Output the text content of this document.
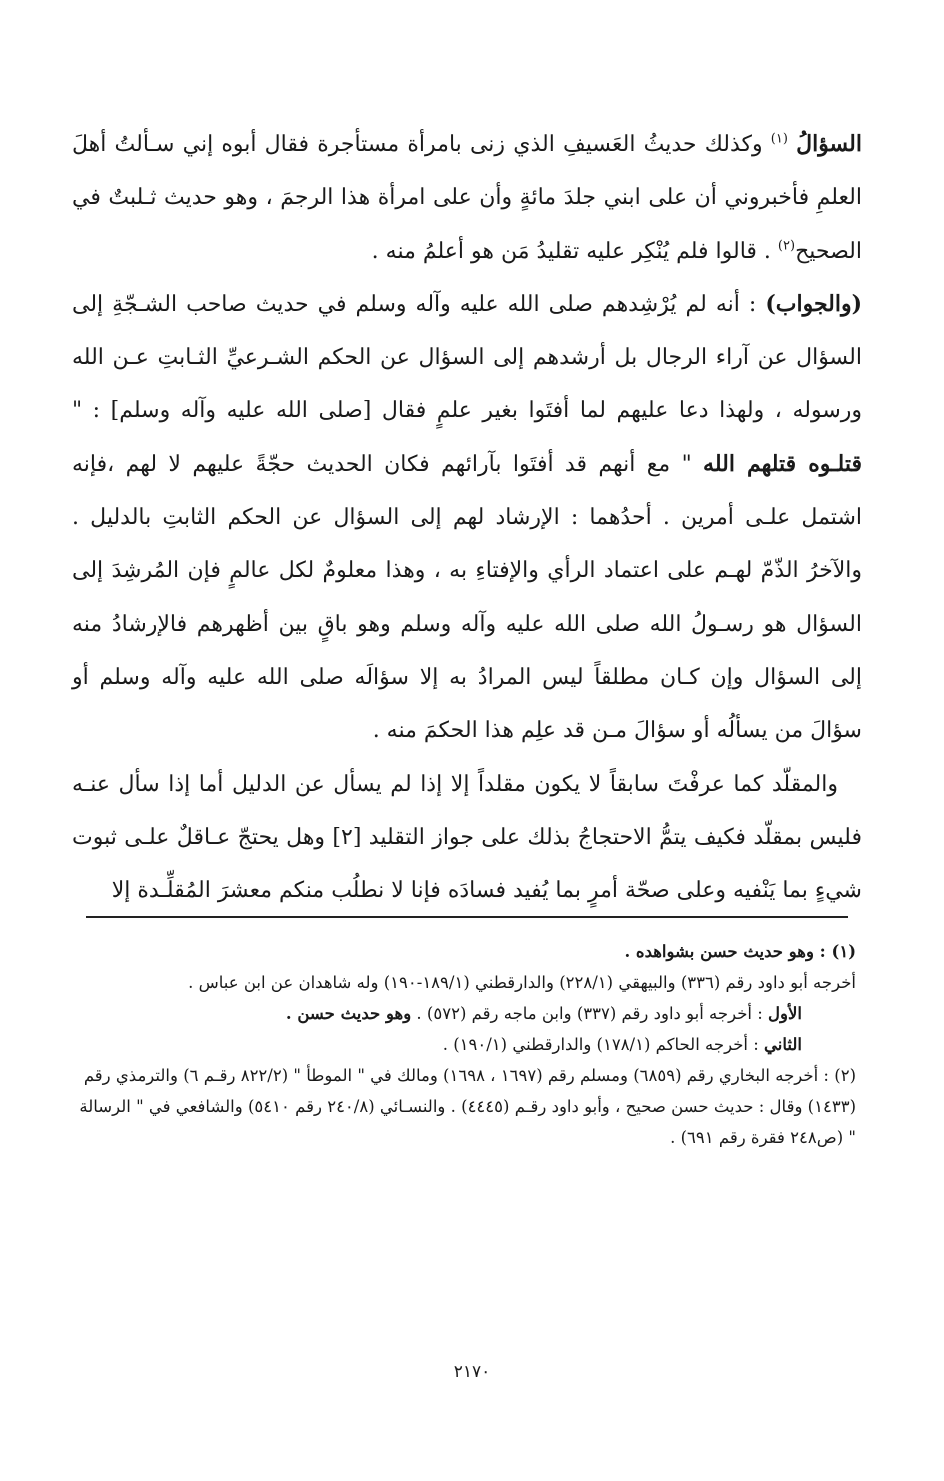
السؤالُ $^{(١)}$ وكذلك حديثُ العَسيفِ الذي زنى بامرأة مستأجرة فقال أبوه إني سـألتُ أهلَ العلمِ فأخبروني أن على ابني جلدَ مائةٍ وأن على امرأة هذا الرجمَ ، وهو حديث ثـلبتٌ في الصحيح$^{(٢)}$ . قالوا فلم يُنْكِر عليه تقليدُ مَن هو أعلمُ منه .

(والجواب) : أنه لم يُرْشِدهم صلى الله عليه وآله وسلم في حديث صاحب الشـجّةِ إلى السؤال عن آراء الرجال بل أرشدهم إلى السؤال عن الحكم الشـرعيِّ الثـابتِ عـن الله ورسوله ، ولهذا دعا عليهم لما أفتَوا بغير علمٍ فقال [صلى الله عليه وآله وسلم] : " قتلـوه قتلهم الله " مع أنهم قد أفتَوا بآرائهم فكان الحديث حجّةً عليهم لا لهم ،فإنه اشتمل علـى أمرين . أحدُهما : الإرشاد لهم إلى السؤال عن الحكم الثابتِ بالدليل . والآخرُ الذّمّ لهـم على اعتماد الرأي والإفتاءِ به ، وهذا معلومٌ لكل عالمٍ فإن المُرشِدَ إلى السؤال هو رسـولُ الله صلى الله عليه وآله وسلم وهو باقٍ بين أظهرهم فالإرشادُ منه إلى السؤال وإن كـان مطلقاً ليس المرادُ به إلا سؤالَه صلى الله عليه وآله وسلم أو سؤالَ من يسألُه أو سؤالَ مـن قد علِم هذا الحكمَ منه .

والمقلّد كما عرفْتَ سابقاً لا يكون مقلداً إلا إذا لم يسأل عن الدليل أما إذا سأل عنـه فليس بمقلّد فكيف يتمُّ الاحتجاجُ بذلك على جواز التقليد [٢] وهل يحتجّ عـاقلٌ علـى ثبوت شيءٍ بما يَنْفيه وعلى صحّة أمرٍ بما يُفيد فسادَه فإنا لا نطلُب منكم معشرَ المُقلِّـدة إلا

(١) : وهو حديث حسن بشواهده .

أخرجه أبو داود رقم (٣٣٦) والبيهقي (٢٢٨/١) والدارقطني (١٨٩/١-١٩٠) وله شاهدان عن ابن عباس .

الأول : أخرجه أبو داود رقم (٣٣٧) وابن ماجه رقم (٥٧٢) . وهو حديث حسن .

الثاني : أخرجه الحاكم (١٧٨/١) والدارقطني (١٩٠/١) .

(٢) : أخرجه البخاري رقم (٦٨٥٩) ومسلم رقم (١٦٩٧ ، ١٦٩٨) ومالك في " الموطأ " (٨٢٢/٢ رقـم ٦) والترمذي رقم (١٤٣٣) وقال : حديث حسن صحيح ، وأبو داود رقـم (٤٤٤٥) . والنسـائي (٢٤٠/٨ رقم ٥٤١٠) والشافعي في " الرسالة " (ص٢٤٨ فقرة رقم ٦٩١) .

٢١٧٠
